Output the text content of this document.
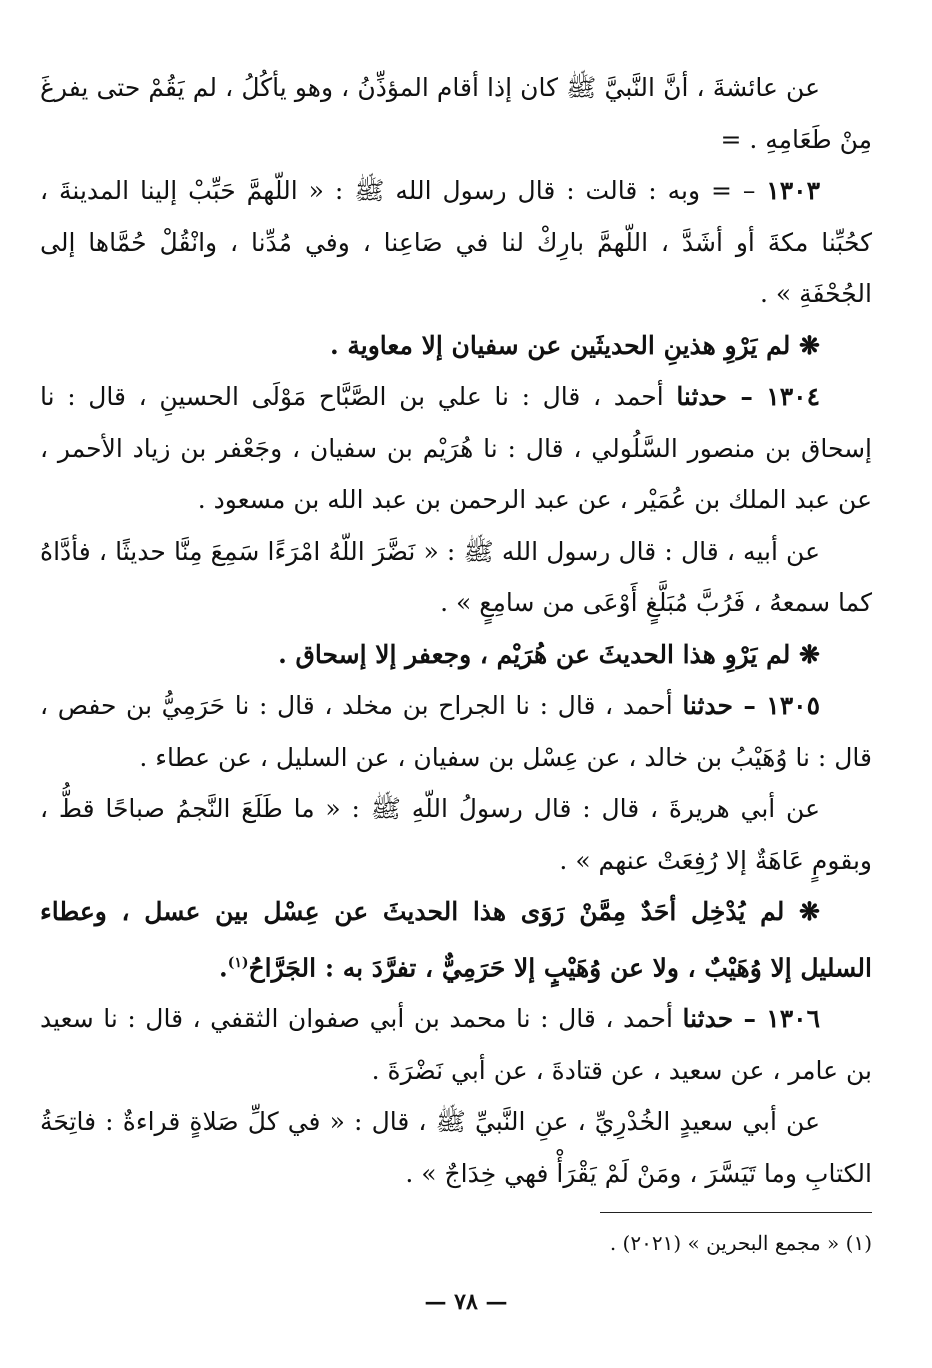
عن عائشةَ ، أنَّ النَّبيَّ ﷺ كان إذا أقام المؤذِّنُ ، وهو يأكُلُ ، لم يَقُمْ حتى يفرغَ مِنْ طَعَامِهِ . =

١٣٠٣ – = وبه : قالت : قال رسول الله ﷺ : « اللّهمَّ حَبِّبْ إلينا المدينةَ ، كحُبِّنا مكةَ أو أشَدَّ ، اللّهمَّ بارِكْ لنا في صَاعِنا ، وفي مُدِّنا ، وانْقُلْ حُمَّاها إلى الجُحْفَةِ » .

❋ لم يَرْوِ هذينِ الحديثَين عن سفيان إلا معاوية .

١٣٠٤ – حدثنا أحمد ، قال : نا علي بن الصَّبَّاح مَوْلَى الحسينِ ، قال : نا إسحاق بن منصور السَّلُولي ، قال : نا هُرَيْم بن سفيان ، وجَعْفر بن زياد الأحمر ، عن عبد الملك بن عُمَيْر ، عن عبد الرحمن بن عبد الله بن مسعود .

عن أبيه ، قال : قال رسول الله ﷺ : « نَضَّرَ اللّهُ امْرَءًا سَمِعَ مِنَّا حديثًا ، فأدَّاهُ كما سمعهُ ، فَرُبَّ مُبَلَّغٍ أَوْعَى من سامِعٍ » .

❋ لم يَرْوِ هذا الحديثَ عن هُرَيْم ، وجعفر إلا إسحاق .

١٣٠٥ – حدثنا أحمد ، قال : نا الجراح بن مخلد ، قال : نا حَرَمِيُّ بن حفص ، قال : نا وُهَيْبُ بن خالد ، عن عِسْل بن سفيان ، عن السليل ، عن عطاء .

عن أبي هريرةَ ، قال : قال رسولُ اللّهِ ﷺ : « ما طَلَعَ النَّجمُ صباحًا قطُّ ، وبقومٍ عَاهَةٌ إلا رُفِعَتْ عنهم » .

❋ لم يُدْخِل أحَدٌ مِمَّنْ رَوَى هذا الحديثَ عن عِسْل بين عسل ، وعطاء السليل إلا وُهَيْبٌ ، ولا عن وُهَيْبٍ إلا حَرَمِيٌّ ، تفرَّدَ به : الجَرَّاحُ$^{(١)}$.

١٣٠٦ – حدثنا أحمد ، قال : نا محمد بن أبي صفوان الثقفي ، قال : نا سعيد بن عامر ، عن سعيد ، عن قتادةَ ، عن أبي نَضْرَةَ .

عن أبي سعيدٍ الخُدْرِيِّ ، عنِ النَّبيِّ ﷺ ، قال : « في كلِّ صَلاةٍ قراءةٌ : فاتِحَةُ الكتابِ وما تَيَسَّرَ ، ومَنْ لَمْ يَقْرَأْ فهي خِدَاجٌ » .

(١) « مجمع البحرين » (٢٠٢١) .
— ٧٨ —
